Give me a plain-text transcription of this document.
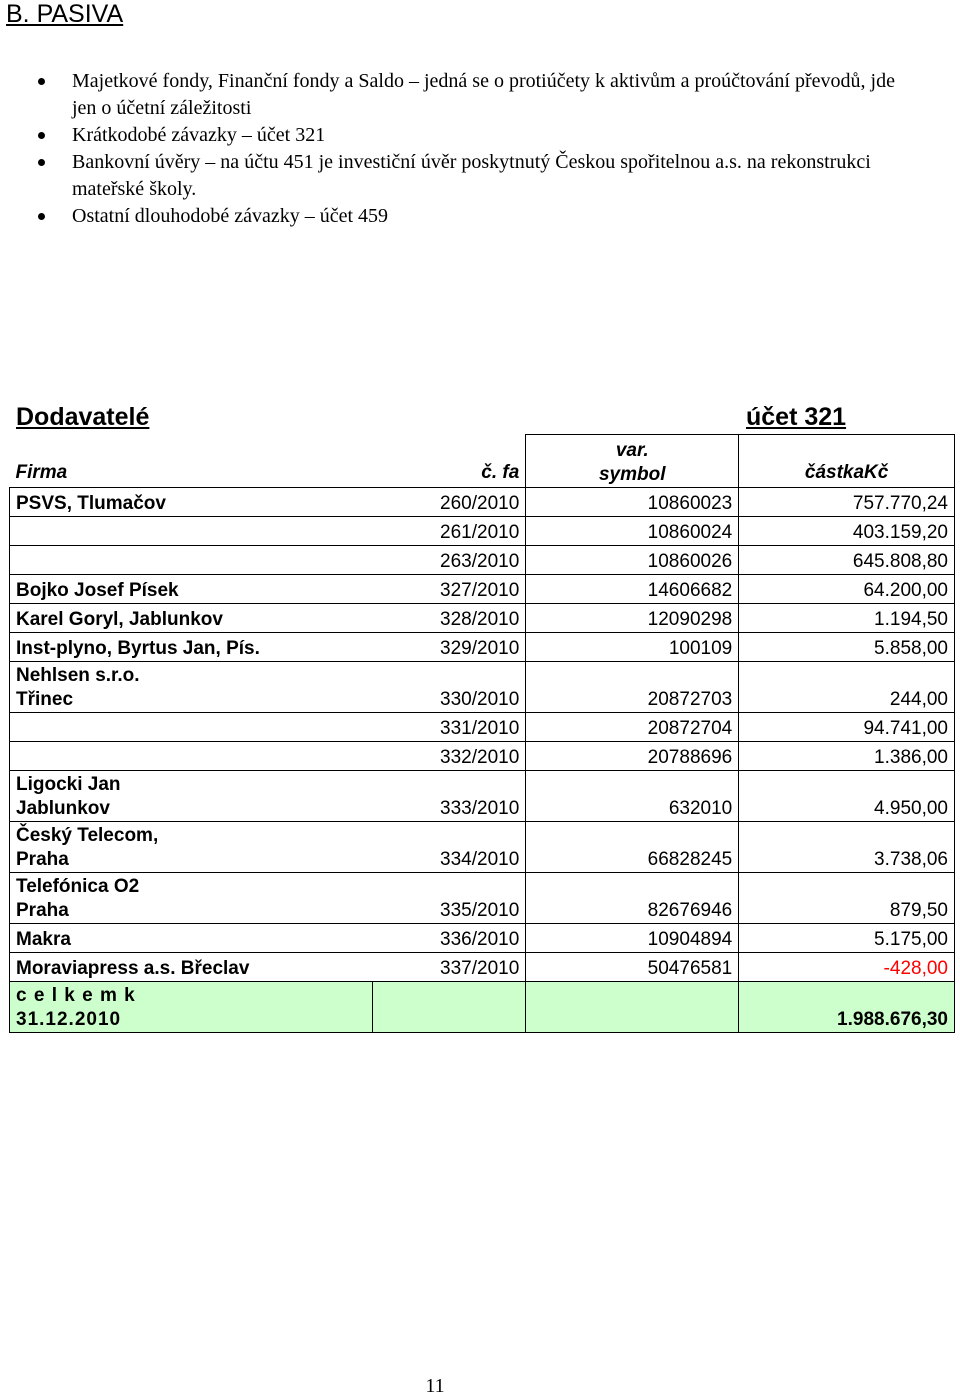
B. PASIVA
Majetkové fondy, Finanční fondy a Saldo – jedná se o protiúčety k aktivům a proúčtování převodů, jde jen o účetní záležitosti
Krátkodobé závazky – účet 321
Bankovní úvěry – na účtu 451 je investiční úvěr poskytnutý Českou spořitelnou a.s. na rekonstrukci mateřské školy.
Ostatní dlouhodobé závazky – účet 459
Dodavatelé	účet 321
Firma	č. fa	var. symbol	částkaKč
PSVS, Tlumačov	260/2010	10860023	757.770,24
	261/2010	10860024	403.159,20
	263/2010	10860026	645.808,80
Bojko Josef Písek	327/2010	14606682	64.200,00
Karel Goryl, Jablunkov	328/2010	12090298	1.194,50
Inst-plyno, Byrtus Jan, Pís.	329/2010	100109	5.858,00
Nehlsen s.r.o.
Třinec	330/2010	20872703	244,00
	331/2010	20872704	94.741,00
	332/2010	20788696	1.386,00
Ligocki Jan
Jablunkov	333/2010	632010	4.950,00
Český Telecom,
Praha	334/2010	66828245	3.738,06
Telefónica O2
Praha	335/2010	82676946	879,50
Makra	336/2010	10904894	5.175,00
Moraviapress a.s. Břeclav	337/2010	50476581	-428,00
c e l k e m k
31.12.2010			1.988.676,30
11
